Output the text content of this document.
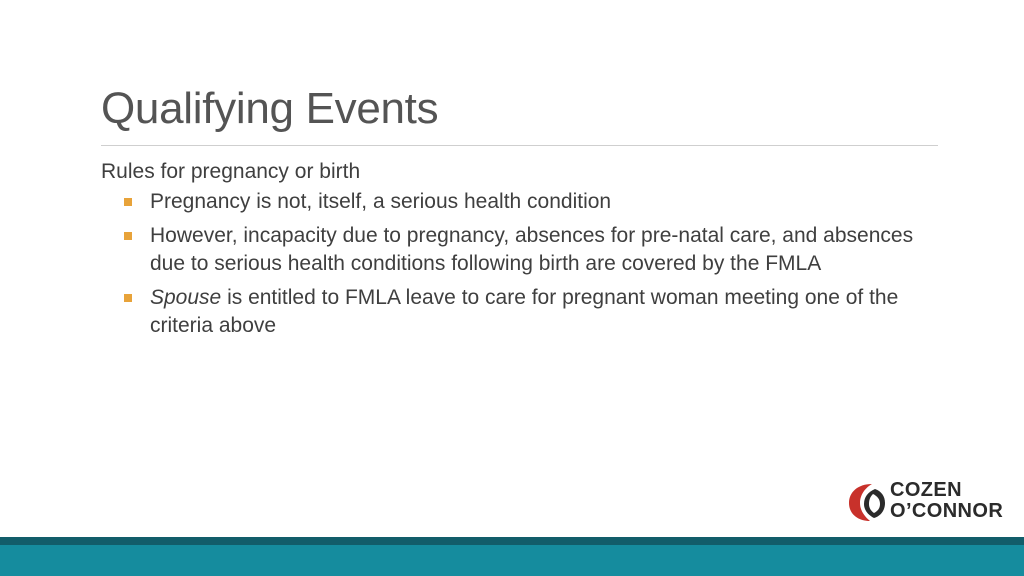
Qualifying Events

Rules for pregnancy or birth

Pregnancy is not, itself, a serious health condition
However, incapacity due to pregnancy, absences for pre-natal care, and absences due to serious health conditions following birth are covered by the FMLA
Spouse is entitled to FMLA leave to care for pregnant woman meeting one of the criteria above
COZEN
O’CONNOR
